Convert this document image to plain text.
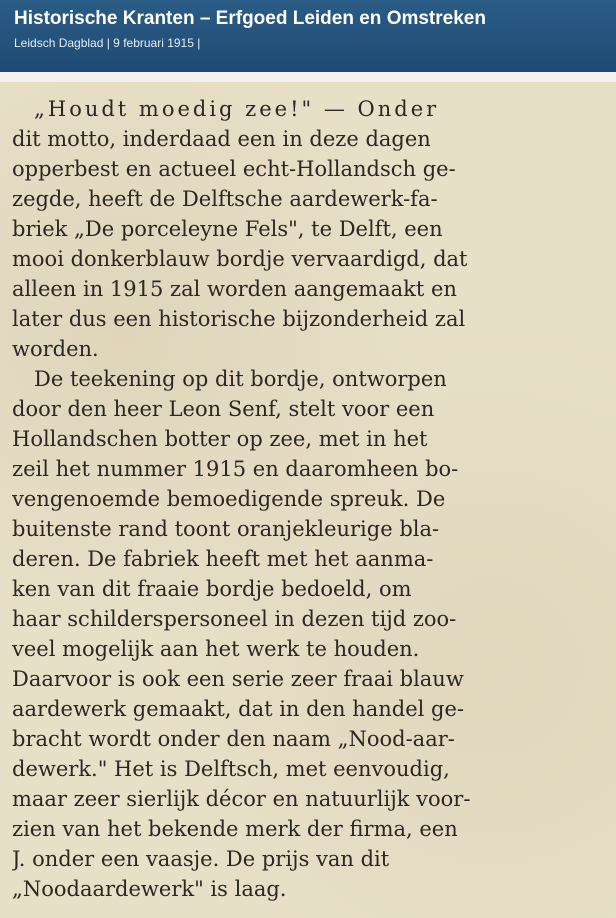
Historische Kranten – Erfgoed Leiden en Omstreken
Leidsch Dagblad | 9 februari 1915 |
„Houdt moedig zee!" — Onder
dit motto, inderdaad een in deze dagen
opperbest en actueel echt-Hollandsch ge-
zegde, heeft de Delftsche aardewerk-fa-
briek „De porceleyne Fels", te Delft, een
mooi donkerblauw bordje vervaardigd, dat
alleen in 1915 zal worden aangemaakt en
later dus een historische bijzonderheid zal
worden.
De teekening op dit bordje, ontworpen
door den heer Leon Senf, stelt voor een
Hollandschen botter op zee, met in het
zeil het nummer 1915 en daaromheen bo-
vengenoemde bemoedigende spreuk. De
buitenste rand toont oranjekleurige bla-
deren. De fabriek heeft met het aanma-
ken van dit fraaie bordje bedoeld, om
haar schilderspersoneel in dezen tijd zoo-
veel mogelijk aan het werk te houden.
Daarvoor is ook een serie zeer fraai blauw
aardewerk gemaakt, dat in den handel ge-
bracht wordt onder den naam „Nood-aar-
dewerk." Het is Delftsch, met eenvoudig,
maar zeer sierlijk décor en natuurlijk voor-
zien van het bekende merk der firma, een
J. onder een vaasje. De prijs van dit
„Noodaardewerk" is laag.
